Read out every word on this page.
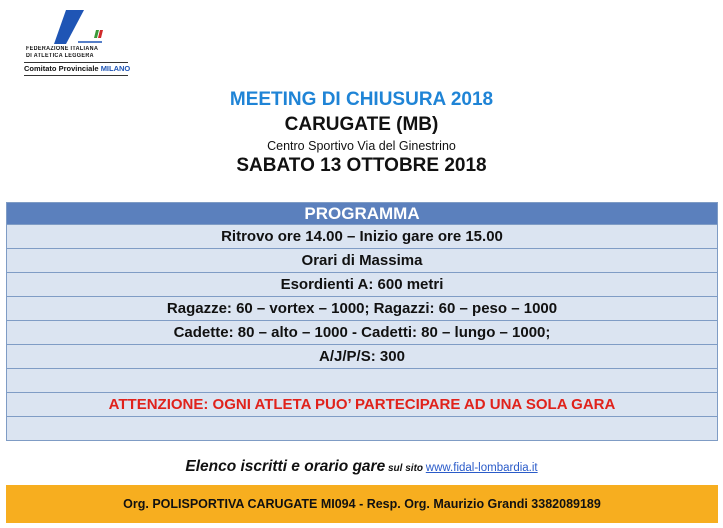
FEDERAZIONE ITALIANA
DI ATLETICA LEGGERA
Comitato Provinciale MILANO
MEETING DI CHIUSURA 2018
CARUGATE (MB)
Centro Sportivo Via del Ginestrino
SABATO 13 OTTOBRE 2018
PROGRAMMA
Ritrovo ore 14.00 – Inizio gare ore 15.00
Orari di Massima
Esordienti A: 600 metri
Ragazze: 60 – vortex – 1000; Ragazzi: 60 – peso – 1000
Cadette: 80 – alto – 1000 - Cadetti: 80 – lungo – 1000;
A/J/P/S: 300

ATTENZIONE: OGNI ATLETA PUO’ PARTECIPARE AD UNA SOLA GARA

Elenco iscritti e orario gare sul sito www.fidal-lombardia.it
Org. POLISPORTIVA CARUGATE MI094 - Resp. Org. Maurizio Grandi 3382089189
